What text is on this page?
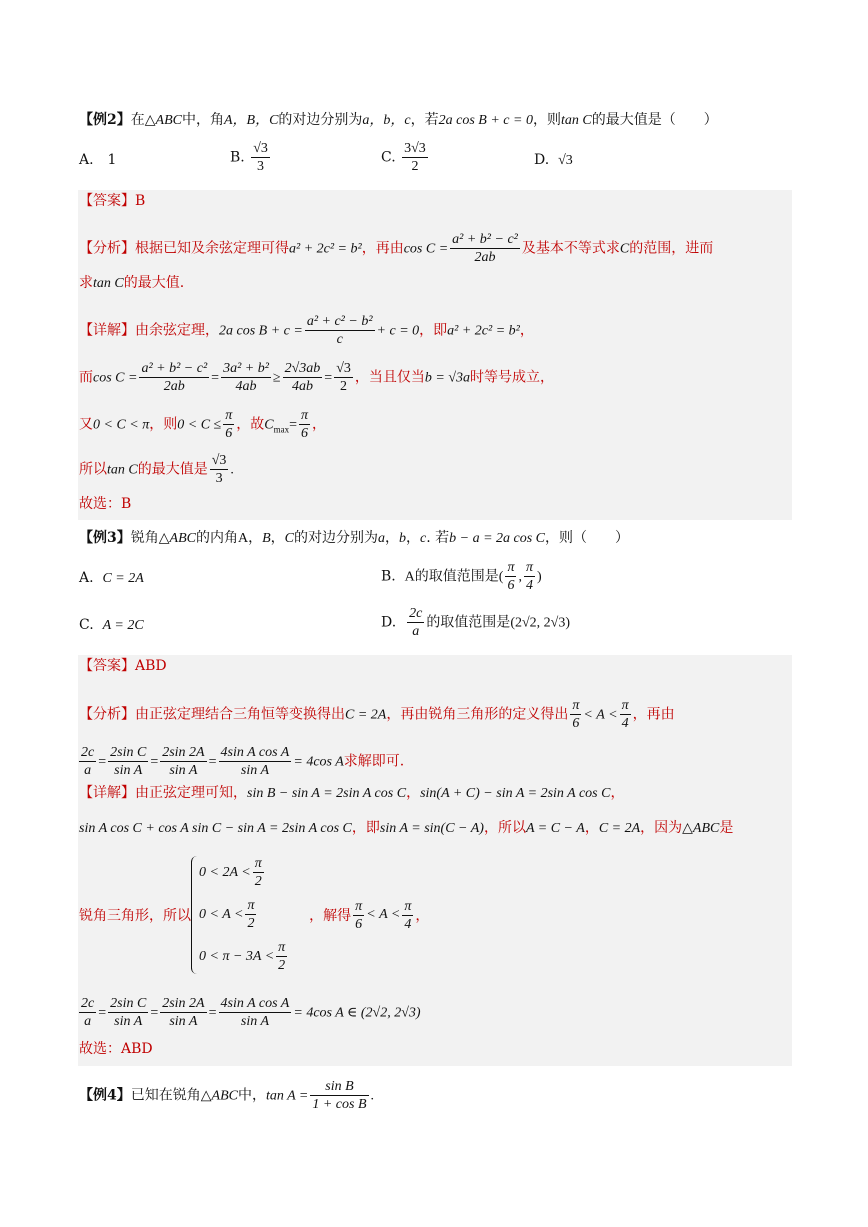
【例2】在△ABC中，角A，B，C的对边分别为a，b，c，若2a cos B + c = 0，则tan C的最大值是（　　）
A.　1	B. $\frac{√3}{3}$	C. $\frac{3√3}{2}$	D. √3
【答案】B
【分析】根据已知及余弦定理可得a² + 2c² = b²，再由$\cos C = \frac{\text{a² + b² − c²}}{2ab}$ 及基本不等式求C的范围，进而
求tan C的最大值.
【详解】由余弦定理，2a $\cos B + c = \frac{\text{a² + c² − b²}}{c} + c = 0$，即a² + 2c² = b²，
而$\cos C = \frac{\text{a² + b² − c²}}{2ab} = \frac{\text{3a² + b²}}{4ab} \ge \frac{2√3ab}{4ab} = \frac{√3}{2}$ ，当且仅当b = √3a时等号成立，
又0 < C < π，则$0 < C \le \frac{\pi}{6}$ ，故$C_{max}= \frac{\pi}{6}$ ，
所以tan C的最大值是 $\frac{√3}{3}$ .
故选：B
【例3】锐角△ABC的内角A，B，C的对边分别为a，b，c. 若b − a = 2a cos C，则（　　）
A. C = 2A	B. A的取值范围是( $\frac{\pi}{6}$ , $\frac{\pi}{4}$ )
C. A = 2C	D. $\frac{2c}{a}$ 的取值范围是(2√2, 2√3)
【答案】ABD
【分析】由正弦定理结合三角恒等变换得出C = 2A，再由锐角三角形的定义得出 $\frac{\pi}{6} < A < \frac{\pi}{4}$ ，再由
$\frac{2c}{a} = \frac{\text{2sin C}}{\text{sin A}} = \frac{2\sin 2A}{\text{sin A}} = \frac{\text{4sin A cos A}}{\text{sin A}} = 4\cos$ A求解即可.
【详解】由正弦定理可知，sin B − sin A = 2sin A cos C，sin(A + C) − sin A = 2sin A cos C，
sin A cos C + cos A sin C − sin A = 2sin A cos C，即sin A = sin(C − A)，所以A = C − A，C = 2A，因为△ABC是
锐角三角形，所以
$0 < 2A < \frac{\pi}{2}$
$0 < A < \frac{\pi}{2}$
$0 < \pi - 3A < \frac{\pi}{2}$
，解得 $\frac{\pi}{6} < A < \frac{\pi}{4}$ ，
$\frac{2c}{a} = \frac{\text{2sin C}}{\text{sin A}} = \frac{2\sin 2A}{\text{sin A}} = \frac{\text{4sin A cos A}}{\text{sin A}} = 4\cos$ A ∈ (2√2, 2√3)
故选：ABD
【例4】已知在锐角△ABC中，$\tan A = \frac{\text{sin B}}{\text{1 + cos B}}$ .
